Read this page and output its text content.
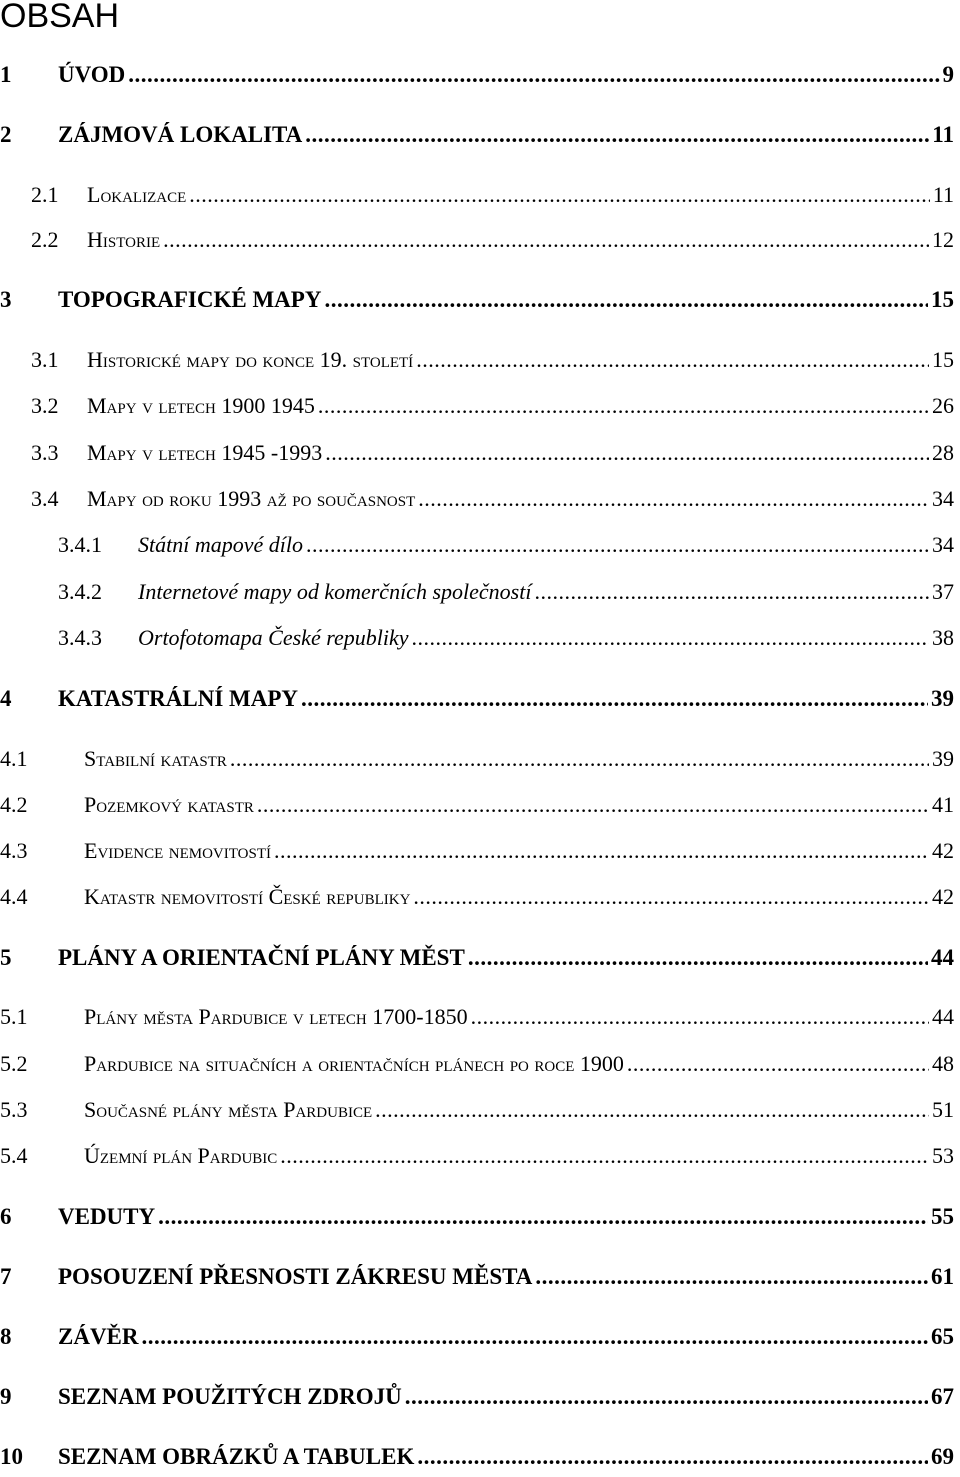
OBSAH
1	ÚVOD .....	9
2	ZÁJMOVÁ LOKALITA .....	11
2.1	Lokalizace .....	11
2.2	Historie .....	12
3	TOPOGRAFICKÉ MAPY .....	15
3.1	Historické mapy do konce 19. století .....	15
3.2	Mapy v letech 1900 1945 .....	26
3.3	Mapy v letech 1945 -1993 .....	28
3.4	Mapy od roku 1993 až po současnost .....	34
3.4.1	Státní mapové dílo .....	34
3.4.2	Internetové mapy od komerčních společností .....	37
3.4.3	Ortofotomapa České republiky .....	38
4	KATASTRÁLNÍ MAPY .....	39
4.1	Stabilní katastr .....	39
4.2	Pozemkový katastr .....	41
4.3	Evidence nemovitostí .....	42
4.4	Katastr nemovitostí České republiky .....	42
5	PLÁNY A ORIENTAČNÍ PLÁNY MĚST .....	44
5.1	Plány města Pardubice v letech 1700-1850 .....	44
5.2	Pardubice na situačních a orientačních plánech po roce 1900 .....	48
5.3	Současné plány města Pardubice .....	51
5.4	Územní plán Pardubic .....	53
6	VEDUTY .....	55
7	POSOUZENÍ PŘESNOSTI ZÁKRESU MĚSTA .....	61
8	ZÁVĚR .....	65
9	SEZNAM POUŽITÝCH ZDROJŮ .....	67
10	SEZNAM OBRÁZKŮ A TABULEK .....	69
